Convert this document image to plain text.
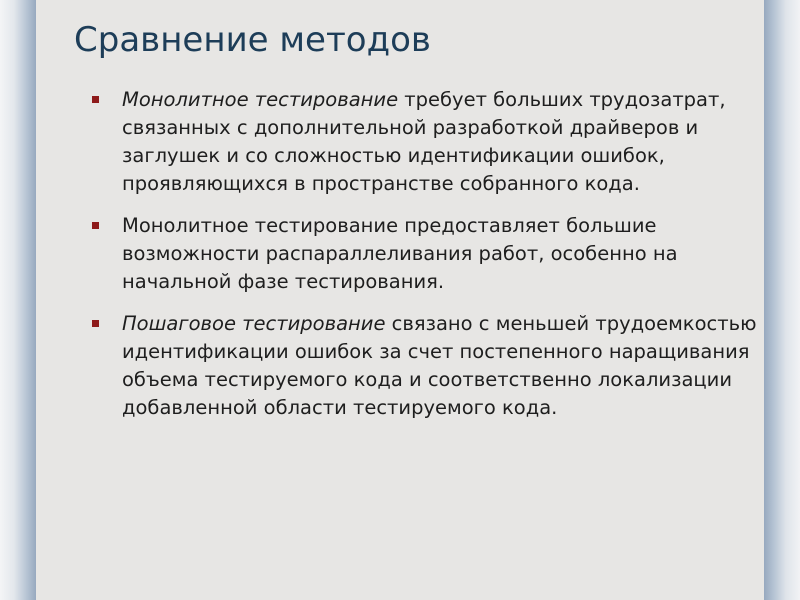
Сравнение методов
Монолитное тестирование требует больших трудозатрат, связанных с дополнительной разработкой драйверов и заглушек и со сложностью идентификации ошибок, проявляющихся в пространстве собранного кода.
Монолитное тестирование предоставляет большие возможности распараллеливания работ, особенно на начальной фазе тестирования.
Пошаговое тестирование связано с меньшей трудоемкостью идентификации ошибок за счет постепенного наращивания объема тестируемого кода и соответственно локализации добавленной области тестируемого кода.
